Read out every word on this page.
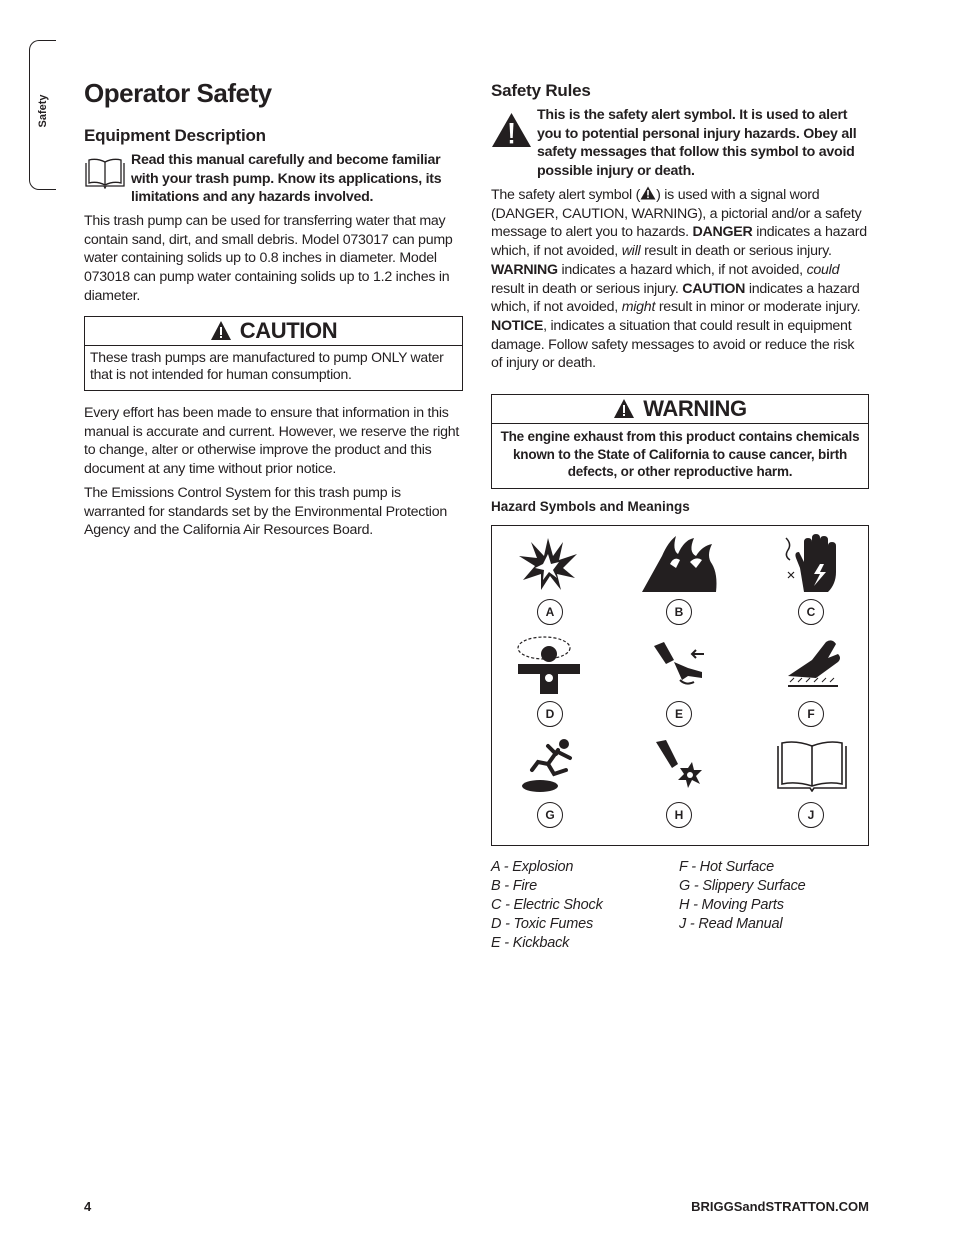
Safety
Operator Safety
Equipment Description
Read this manual carefully and become familiar with your trash pump. Know its applications, its limitations and any hazards involved.
This trash pump can be used for transferring water that may contain sand, dirt, and small debris. Model 073017 can pump water containing solids up to 0.8 inches in diameter. Model 073018 can pump water containing solids up to 1.2 inches in diameter.
CAUTION
These trash pumps are manufactured to pump ONLY water that is not intended for human consumption.
Every effort has been made to ensure that information in this manual is accurate and current. However, we reserve the right to change, alter or otherwise improve the product and this document at any time without prior notice.
The Emissions Control System for this trash pump is warranted for standards set by the Environmental Protection Agency and the California Air Resources Board.
Safety Rules
This is the safety alert symbol. It is used to alert you to potential personal injury hazards. Obey all safety messages that follow this symbol to avoid possible injury or death.
The safety alert symbol ( ) is used with a signal word (DANGER, CAUTION, WARNING), a pictorial and/or a safety message to alert you to hazards. DANGER indicates a hazard which, if not avoided, will result in death or serious injury. WARNING indicates a hazard which, if not avoided, could result in death or serious injury. CAUTION indicates a hazard which, if not avoided, might result in minor or moderate injury. NOTICE, indicates a situation that could result in equipment damage. Follow safety messages to avoid or reduce the risk of injury or death.
WARNING
The engine exhaust from this product contains chemicals known to the State of California to cause cancer, birth defects, or other reproductive harm.
Hazard Symbols and Meanings
A	B	C
D	E	F
G	H	J
A - Explosion
B - Fire
C - Electric Shock
D - Toxic Fumes
E - Kickback
F - Hot Surface
G - Slippery Surface
H - Moving Parts
J - Read Manual
4	BRIGGSandSTRATTON.COM
